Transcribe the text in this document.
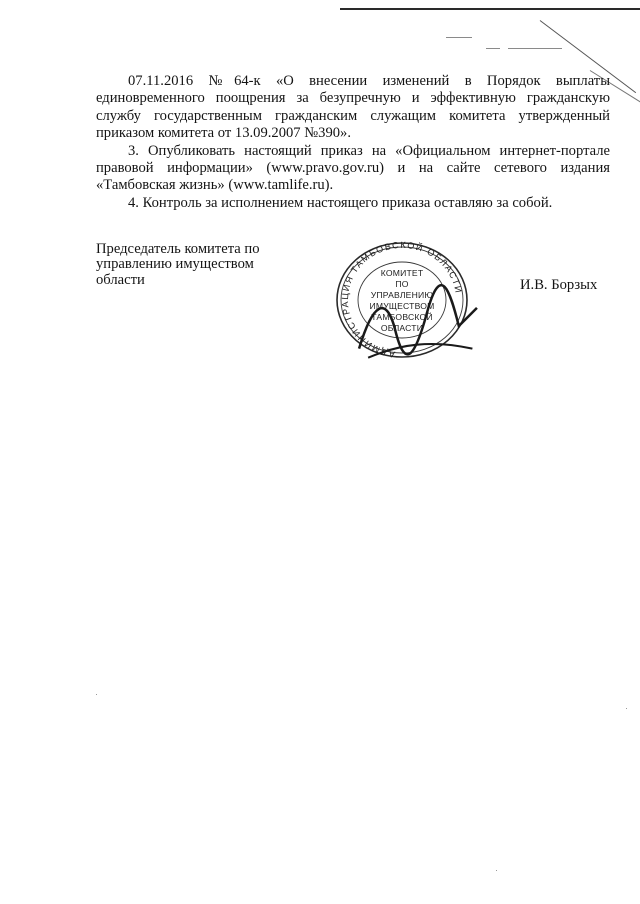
07.11.2016 №64-к «О внесении изменений в Порядок выплаты единовременного поощрения за безупречную и эффективную гражданскую службу государственным гражданским служащим комитета утвержденный приказом комитета от 13.09.2007 №390».

3. Опубликовать настоящий приказ на «Официальном интернет-портале правовой информации» (www.pravo.gov.ru) и на сайте сетевого издания «Тамбовская жизнь» (www.tamlife.ru).

4. Контроль за исполнением настоящего приказа оставляю за собой.

Председатель комитета по
управлению имуществом
области
АДМИНИСТРАЦИЯ ТАМБОВСКОЙ ОБЛАСТИ
КОМИТЕТ
ПО УПРАВЛЕНИЮ
ИМУЩЕСТВОМ
ТАМБОВСКОЙ
ОБЛАСТИ
И.В. Борзых
